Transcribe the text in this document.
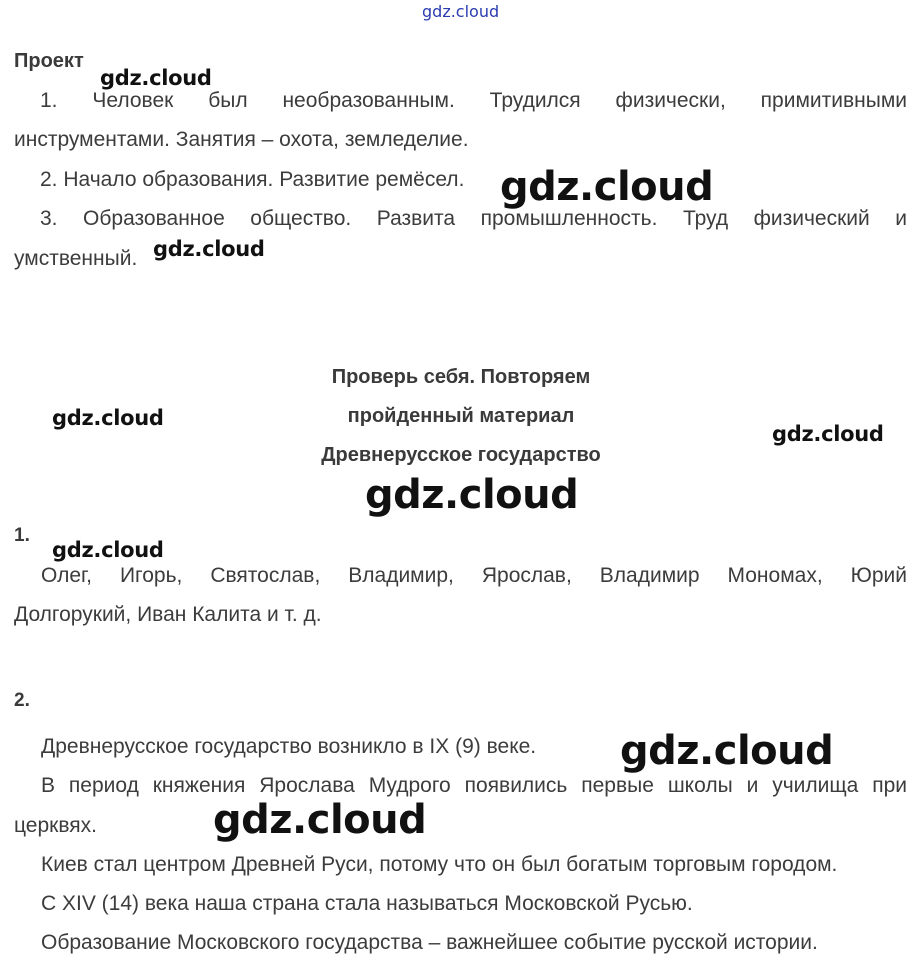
gdz.cloud
Проект
1. Человек был необразованным. Трудился физически, примитивными
инструментами. Занятия – охота, земледелие.
2. Начало образования. Развитие ремёсел.
3. Образованное общество. Развита промышленность. Труд физический и
умственный.
Проверь себя. Повторяем
пройденный материал
Древнерусское государство
1.
Олег, Игорь, Святослав, Владимир, Ярослав, Владимир Мономах, Юрий
Долгорукий, Иван Калита и т. д.
2.
Древнерусское государство возникло в IX (9) веке.
В период княжения Ярослава Мудрого появились первые школы и училища при
церквях.
Киев стал центром Древней Руси, потому что он был богатым торговым городом.
С XIV (14) века наша страна стала называться Московской Русью.
Образование Московского государства – важнейшее событие русской истории.
gdz.cloud
gdz.cloud
gdz.cloud
gdz.cloud
gdz.cloud
gdz.cloud
gdz.cloud
gdz.cloud
gdz.cloud
